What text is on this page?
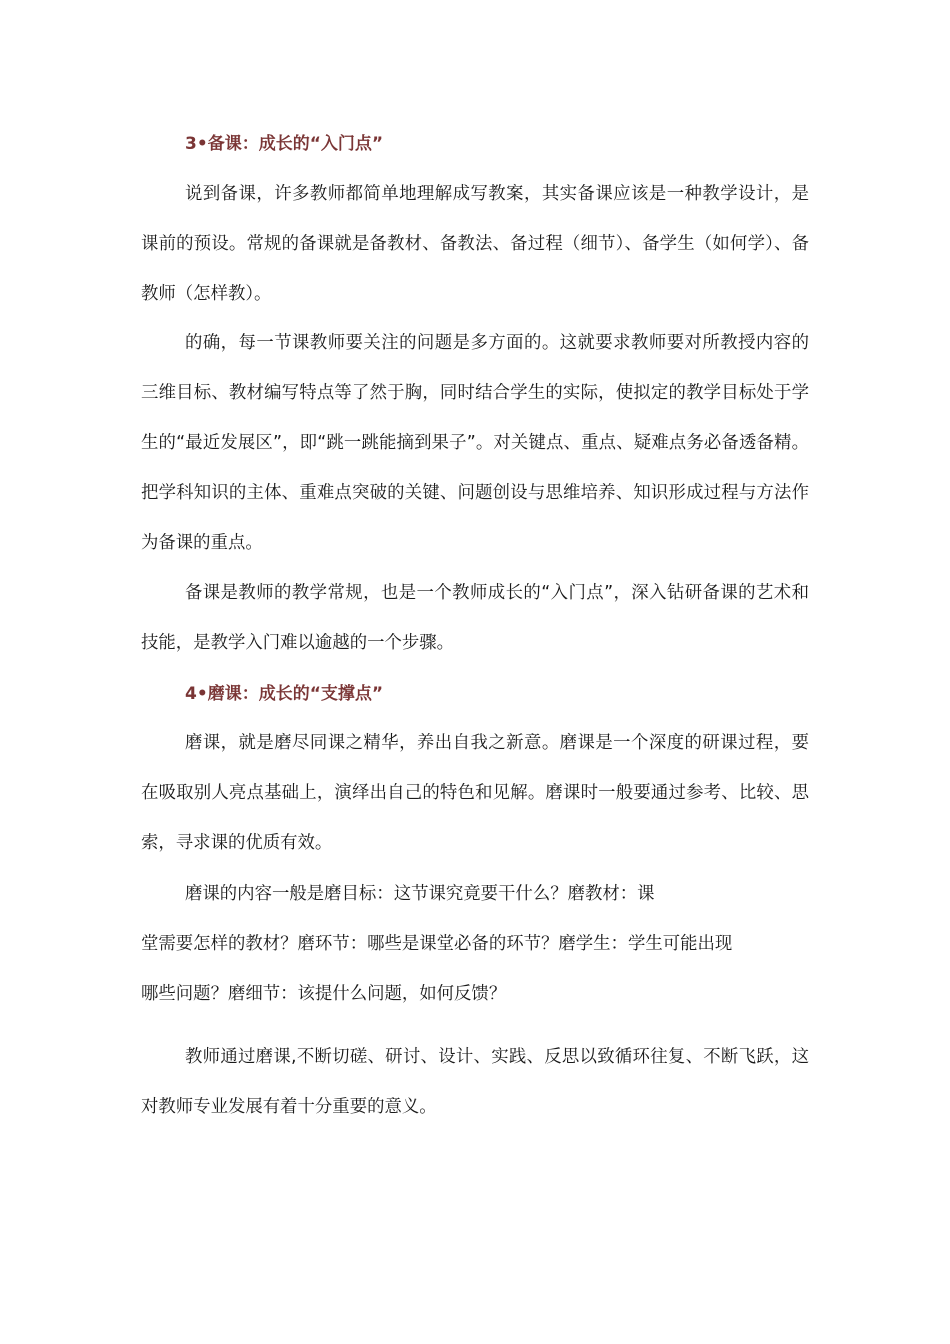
3•备课：成长的“入门点”

说到备课，许多教师都简单地理解成写教案，其实备课应该是一种教学设计，是课前的预设。常规的备课就是备教材、备教法、备过程（细节）、备学生（如何学）、备教师（怎样教）。

的确，每一节课教师要关注的问题是多方面的。这就要求教师要对所教授内容的三维目标、教材编写特点等了然于胸，同时结合学生的实际，使拟定的教学目标处于学生的“最近发展区”，即“跳一跳能摘到果子”。对关键点、重点、疑难点务必备透备精。把学科知识的主体、重难点突破的关键、问题创设与思维培养、知识形成过程与方法作为备课的重点。

备课是教师的教学常规，也是一个教师成长的“入门点”，深入钻研备课的艺术和技能，是教学入门难以逾越的一个步骤。

4•磨课：成长的“支撑点”

磨课，就是磨尽同课之精华，养出自我之新意。磨课是一个深度的研课过程，要在吸取别人亮点基础上，演绎出自己的特色和见解。磨课时一般要通过参考、比较、思索，寻求课的优质有效。

磨课的内容一般是磨目标：这节课究竟要干什么？磨教材：课
堂需要怎样的教材？磨环节：哪些是课堂必备的环节？磨学生：学生可能出现
哪些问题？磨细节：该提什么问题，如何反馈？

教师通过磨课,不断切磋、研讨、设计、实践、反思以致循环往复、不断飞跃，这对教师专业发展有着十分重要的意义。
